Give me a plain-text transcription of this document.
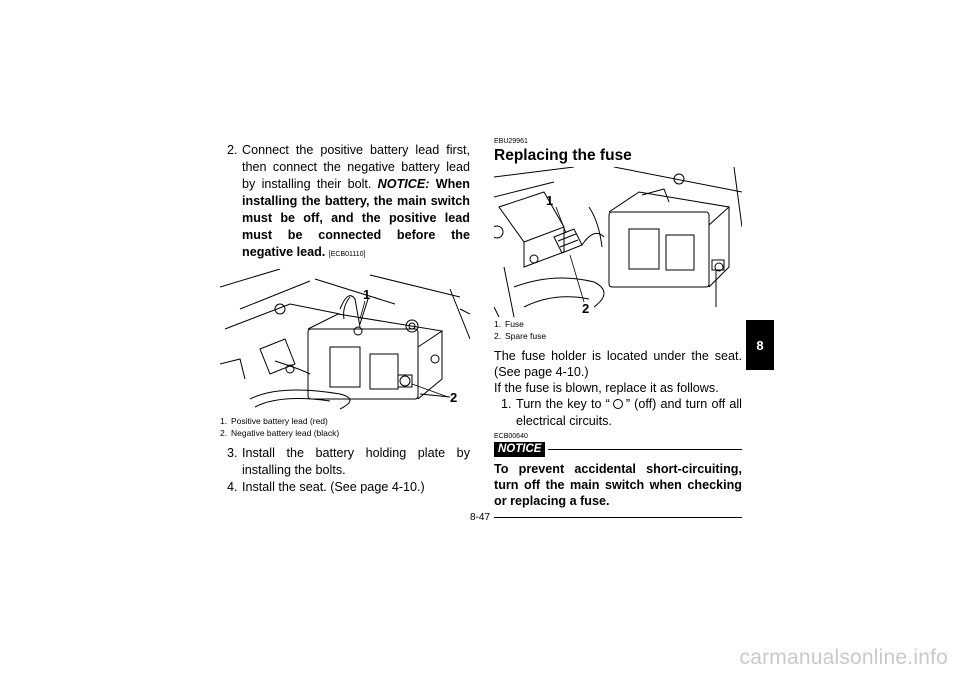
2. Connect the positive battery lead first, then connect the negative battery lead by installing their bolt. NOTICE: When installing the battery, the main switch must be off, and the positive lead must be connected before the negative lead. [ECB01110]

1
2

1. Positive battery lead (red)

2. Negative battery lead (black)

3. Install the battery holding plate by installing the bolts.

4. Install the seat. (See page 4-10.)

EBU29961

Replacing the fuse
1
2

1. Fuse

2. Spare fuse

The fuse holder is located under the seat. (See page 4-10.)

If the fuse is blown, replace it as follows.

1. Turn the key to “ ” (off) and turn off all electrical circuits.

ECB00640

NOTICE

To prevent accidental short-circuiting, turn off the main switch when checking or replacing a fuse.

8
8-47
carmanualsonline.info
